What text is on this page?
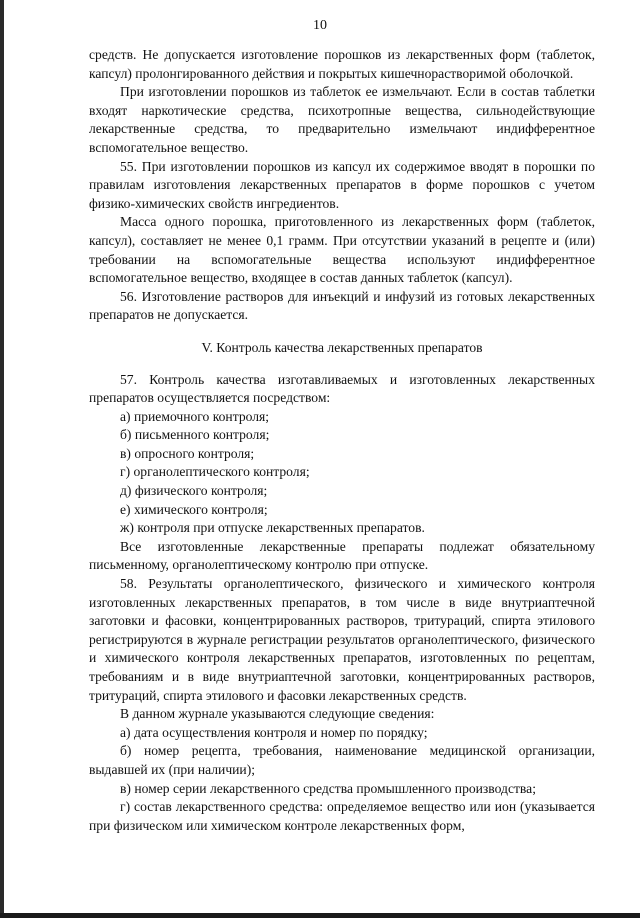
10

средств. Не допускается изготовление порошков из лекарственных форм (таблеток, капсул) пролонгированного действия и покрытых кишечнорастворимой оболочкой.

При изготовлении порошков из таблеток ее измельчают. Если в состав таблетки входят наркотические средства, психотропные вещества, сильнодействующие лекарственные средства, то предварительно измельчают индифферентное вспомогательное вещество.

55. При изготовлении порошков из капсул их содержимое вводят в порошки по правилам изготовления лекарственных препаратов в форме порошков с учетом физико-химических свойств ингредиентов.

Масса одного порошка, приготовленного из лекарственных форм (таблеток, капсул), составляет не менее 0,1 грамм. При отсутствии указаний в рецепте и (или) требовании на вспомогательные вещества используют индифферентное вспомогательное вещество, входящее в состав данных таблеток (капсул).

56. Изготовление растворов для инъекций и инфузий из готовых лекарственных препаратов не допускается.

V. Контроль качества лекарственных препаратов

57. Контроль качества изготавливаемых и изготовленных лекарственных препаратов осуществляется посредством:

а) приемочного контроля;

б) письменного контроля;

в) опросного контроля;

г) органолептического контроля;

д) физического контроля;

е) химического контроля;

ж) контроля при отпуске лекарственных препаратов.

Все изготовленные лекарственные препараты подлежат обязательному письменному, органолептическому контролю при отпуске.

58. Результаты органолептического, физического и химического контроля изготовленных лекарственных препаратов, в том числе в виде внутриаптечной заготовки и фасовки, концентрированных растворов, тритураций, спирта этилового регистрируются в журнале регистрации результатов органолептического, физического и химического контроля лекарственных препаратов, изготовленных по рецептам, требованиям и в виде внутриаптечной заготовки, концентрированных растворов, тритураций, спирта этилового и фасовки лекарственных средств.

В данном журнале указываются следующие сведения:

а) дата осуществления контроля и номер по порядку;

б) номер рецепта, требования, наименование медицинской организации, выдавшей их (при наличии);

в) номер серии лекарственного средства промышленного производства;

г) состав лекарственного средства: определяемое вещество или ион (указывается при физическом или химическом контроле лекарственных форм,
